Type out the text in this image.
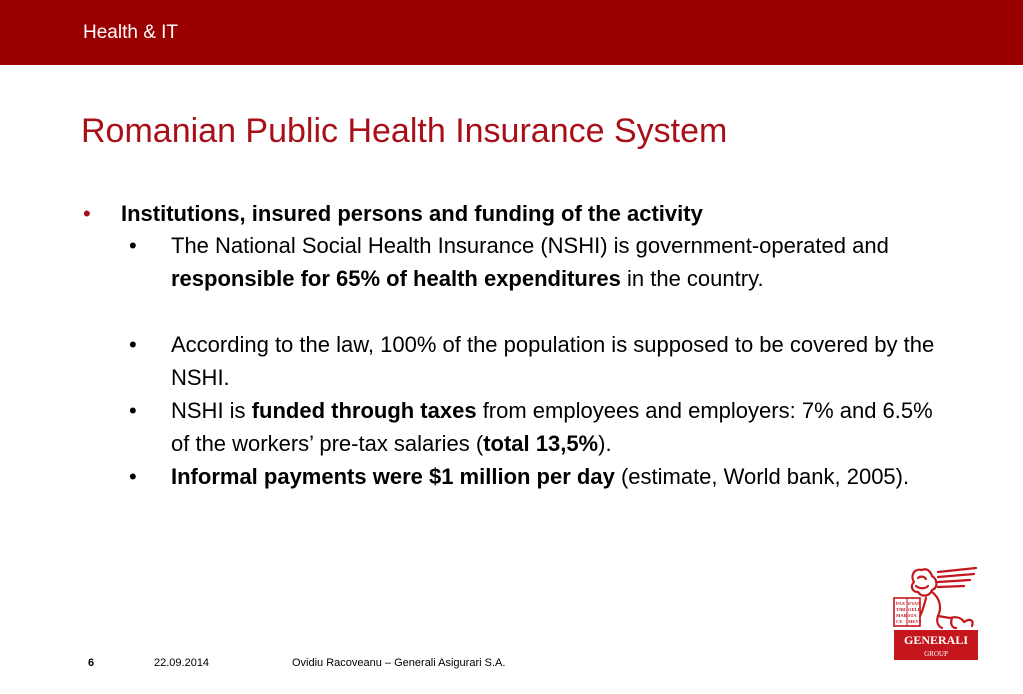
Health & IT
Romanian Public Health Insurance System
• Institutions, insured persons and funding of the activity
• The National Social Health Insurance (NSHI) is government-operated and responsible for 65% of health expenditures in the country.
• According to the law, 100% of the population is supposed to be covered by the NSHI.
• NSHI is funded through taxes from employees and employers: 7% and 6.5% of the workers’ pre-tax salaries (total 13,5%).
• Informal payments were $1 million per day (estimate, World bank, 2005).
PAX
TIBI
MAR
CE
EVAN
GELI
STA
MEVS
GENERALI
GROUP
6	22.09.2014	Ovidiu Racoveanu – Generali Asigurari S.A.
